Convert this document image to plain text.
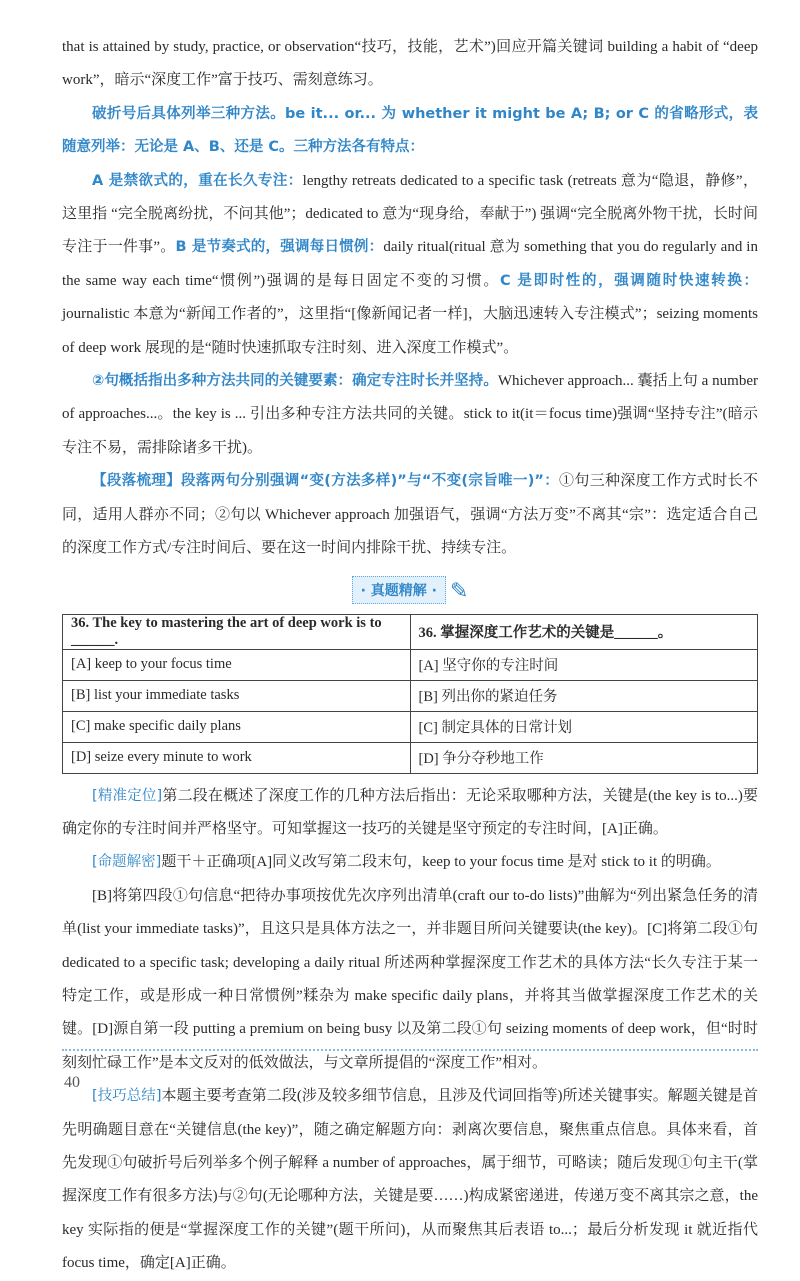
that is attained by study, practice, or observation“技巧，技能，艺术”)回应开篇关键词 building a habit of “deep work”，暗示“深度工作”富于技巧、需刻意练习。

破折号后具体列举三种方法。be it... or... 为 whether it might be A; B; or C 的省略形式，表随意列举：无论是 A、B、还是 C。三种方法各有特点：

A 是禁欲式的，重在长久专注：lengthy retreats dedicated to a specific task (retreats 意为“隐退，静修”，这里指 “完全脱离纷扰，不问其他”；dedicated to 意为“现身给，奉献于”) 强调“完全脱离外物干扰，长时间专注于一件事”。B 是节奏式的，强调每日惯例：daily ritual(ritual 意为 something that you do regularly and in the same way each time“惯例”)强调的是每日固定不变的习惯。C 是即时性的，强调随时快速转换：journalistic 本意为“新闻工作者的”，这里指“[像新闻记者一样]，大脑迅速转入专注模式”；seizing moments of deep work 展现的是“随时快速抓取专注时刻、进入深度工作模式”。

②句概括指出多种方法共同的关键要素：确定专注时长并坚持。Whichever approach... 囊括上句 a number of approaches...。the key is ... 引出多种专注方法共同的关键。stick to it(it＝focus time)强调“坚持专注”(暗示专注不易，需排除诸多干扰)。

【段落梳理】段落两句分别强调“变(方法多样)”与“不变(宗旨唯一)”：①句三种深度工作方式时长不同，适用人群亦不同；②句以 Whichever approach 加强语气，强调“方法万变”不离其“宗”：选定适合自己的深度工作方式/专注时间后、要在这一时间内排除干扰、持续专注。

· 真题精解 · ✎
36. The key to mastering the art of deep work is to ______.	36. 掌握深度工作艺术的关键是______。
[A] keep to your focus time	[A] 坚守你的专注时间
[B] list your immediate tasks	[B] 列出你的紧迫任务
[C] make specific daily plans	[C] 制定具体的日常计划
[D] seize every minute to work	[D] 争分夺秒地工作

[精准定位]第二段在概述了深度工作的几种方法后指出：无论采取哪种方法，关键是(the key is to...)要确定你的专注时间并严格坚守。可知掌握这一技巧的关键是坚守预定的专注时间，[A]正确。

[命题解密]题干＋正确项[A]同义改写第二段末句，keep to your focus time 是对 stick to it 的明确。

[B]将第四段①句信息“把待办事项按优先次序列出清单(craft our to-do lists)”曲解为“列出紧急任务的清单(list your immediate tasks)”，且这只是具体方法之一，并非题目所问关键要诀(the key)。[C]将第二段①句 dedicated to a specific task; developing a daily ritual 所述两种掌握深度工作艺术的具体方法“长久专注于某一特定工作，或是形成一种日常惯例”糅杂为 make specific daily plans，并将其当做掌握深度工作艺术的关键。[D]源自第一段 putting a premium on being busy 以及第二段①句 seizing moments of deep work，但“时时刻刻忙碌工作”是本文反对的低效做法，与文章所提倡的“深度工作”相对。

[技巧总结]本题主要考查第二段(涉及较多细节信息，且涉及代词回指等)所述关键事实。解题关键是首先明确题目意在“关键信息(the key)”，随之确定解题方向：剥离次要信息，聚焦重点信息。具体来看，首先发现①句破折号后列举多个例子解释 a number of approaches，属于细节，可略读；随后发现①句主干(掌握深度工作有很多方法)与②句(无论哪种方法，关键是要……)构成紧密递进，传递万变不离其宗之意，the key 实际指的便是“掌握深度工作的关键”(题干所问)，从而聚焦其后表语 to...；最后分析发现 it 就近指代 focus time，确定[A]正确。

40
